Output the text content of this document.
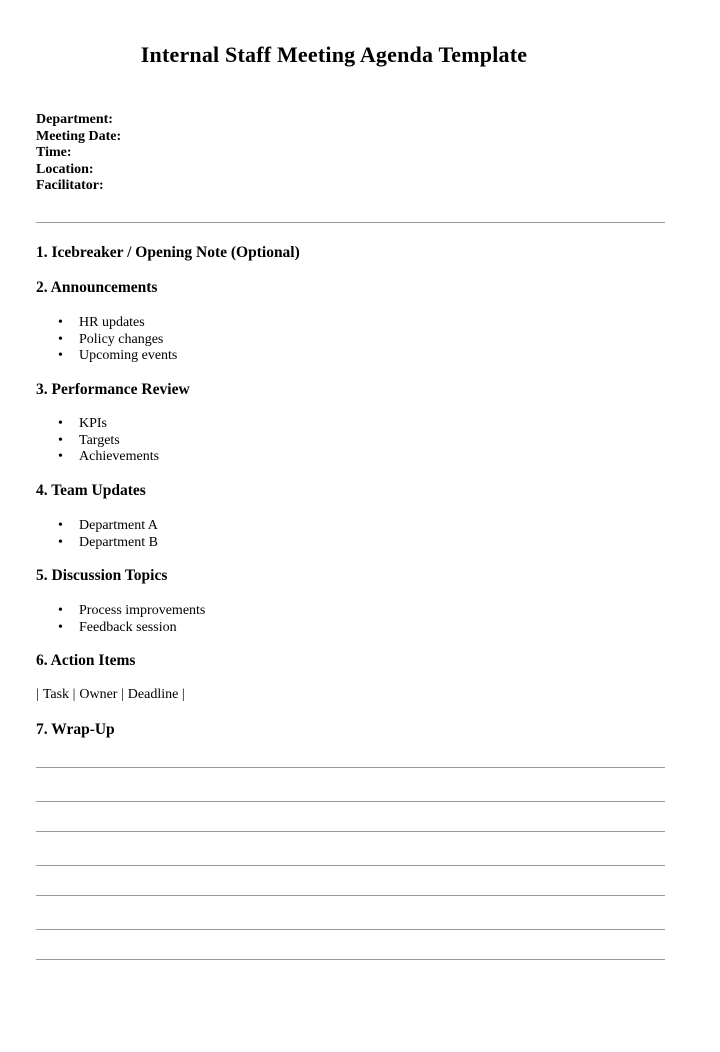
Internal Staff Meeting Agenda Template
Department:
Meeting Date:
Time:
Location:
Facilitator:
1. Icebreaker / Opening Note (Optional)
2. Announcements
• HR updates
• Policy changes
• Upcoming events
3. Performance Review
• KPIs
• Targets
• Achievements
4. Team Updates
• Department A
• Department B
5. Discussion Topics
• Process improvements
• Feedback session
6. Action Items
| Task | Owner | Deadline |
7. Wrap-Up
